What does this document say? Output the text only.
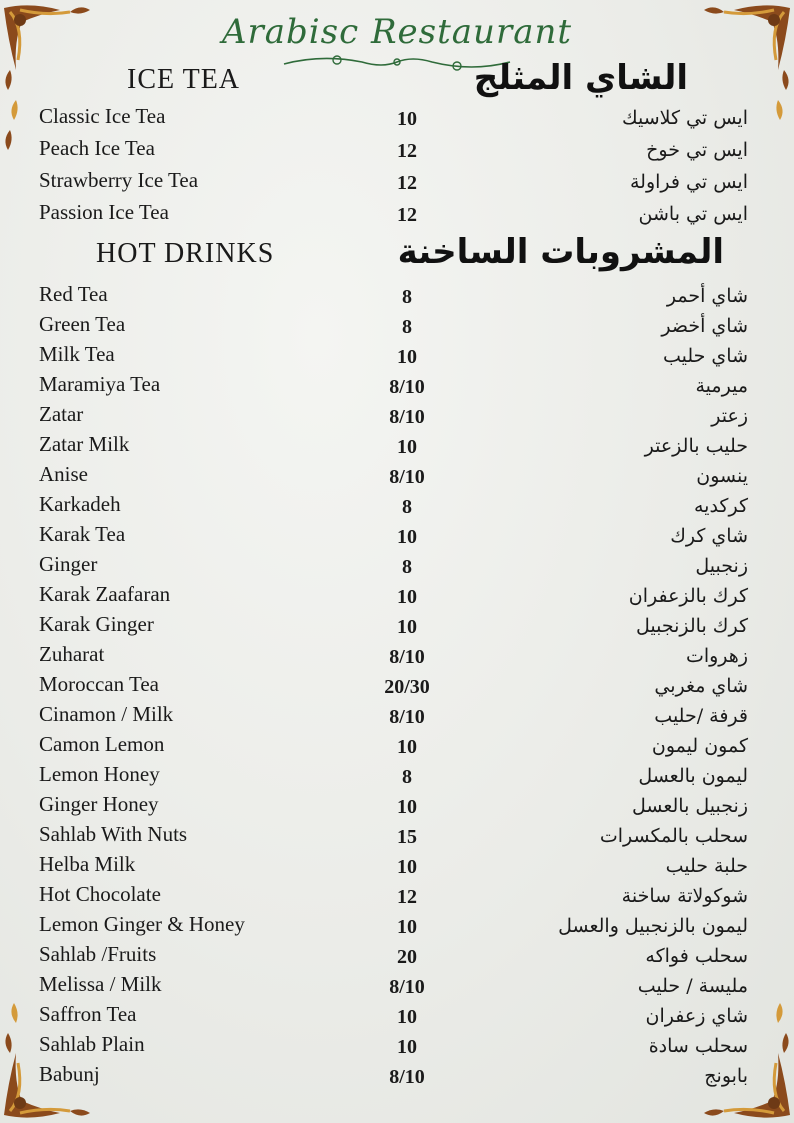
Arabisc Restaurant
ICE TEA	الشاي المثلج
HOT DRINKS	المشروبات الساخنة
Classic Ice Tea	10	ايس تي كلاسيك
Peach Ice Tea	12	ايس تي خوخ
Strawberry Ice Tea	12	ايس تي فراولة
Passion Ice Tea	12	ايس تي باشن
Red Tea	8	شاي أحمر
Green Tea	8	شاي أخضر
Milk Tea	10	شاي حليب
Maramiya Tea	8/10	ميرمية
Zatar	8/10	زعتر
Zatar Milk	10	حليب بالزعتر
Anise	8/10	ينسون
Karkadeh	8	كركديه
Karak Tea	10	شاي كرك
Ginger	8	زنجبيل
Karak Zaafaran	10	كرك بالزعفران
Karak Ginger	10	كرك بالزنجبيل
Zuharat	8/10	زهروات
Moroccan Tea	20/30	شاي مغربي
Cinamon / Milk	8/10	قرفة /حليب
Camon Lemon	10	كمون ليمون
Lemon Honey	8	ليمون بالعسل
Ginger Honey	10	زنجبيل بالعسل
Sahlab With Nuts	15	سحلب بالمكسرات
Helba Milk	10	حلبة حليب
Hot Chocolate	12	شوكولاتة ساخنة
Lemon Ginger & Honey	10	ليمون بالزنجبيل والعسل
Sahlab /Fruits	20	سحلب فواكه
Melissa / Milk	8/10	مليسة / حليب
Saffron Tea	10	شاي زعفران
Sahlab Plain	10	سحلب سادة
Babunj	8/10	بابونج
